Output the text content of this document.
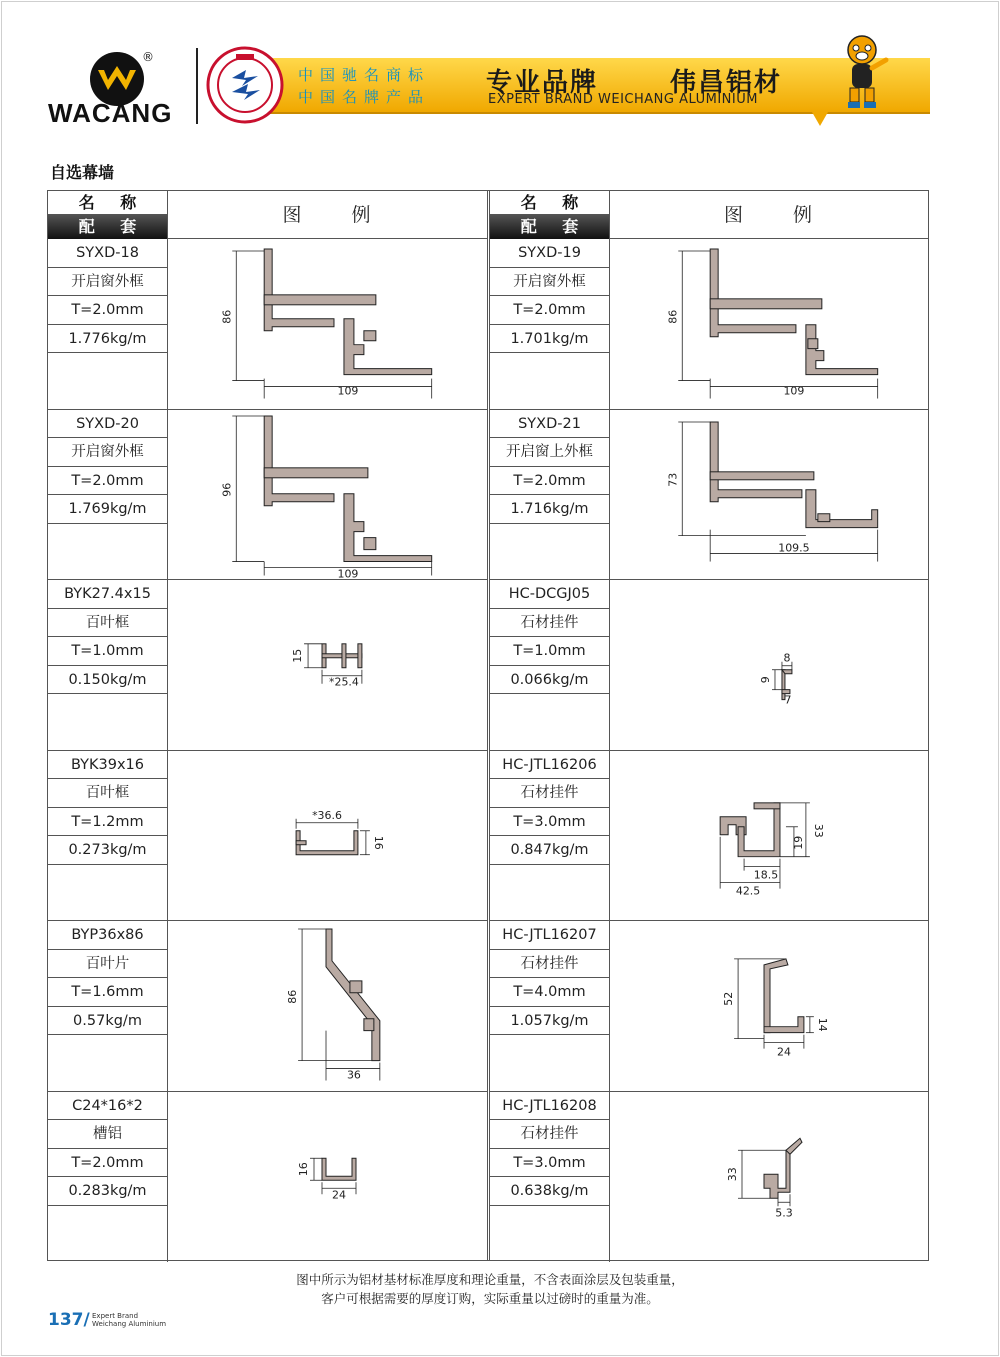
®
WACANG
中国驰名商标
中国名牌产品	专业品牌	伟昌铝材
EXPERT BRAND WEICHANG ALUMINIUM
自选幕墙
名 称
配 套
图 例
SYXD-18
开启窗外框
T=2.0mm
1.776kg/m
86
109
SYXD-20
开启窗外框
T=2.0mm
1.769kg/m
96
109
BYK27.4x15
百叶框
T=1.0mm
0.150kg/m
15
*25.4
BYK39x16
百叶框
T=1.2mm
0.273kg/m
*36.6
16
BYP36x86
百叶片
T=1.6mm
0.57kg/m
86
36
C24*16*2
槽铝
T=2.0mm
0.283kg/m
16
24
名 称
配 套
图 例
SYXD-19
开启窗外框
T=2.0mm
1.701kg/m
86
109
SYXD-21
开启窗上外框
T=2.0mm
1.716kg/m
73
109.5
HC-DCGJ05
石材挂件
T=1.0mm
0.066kg/m
8
9
7
HC-JTL16206
石材挂件
T=3.0mm
0.847kg/m	19
33
18.5
42.5
HC-JTL16207
石材挂件
T=4.0mm
1.057kg/m
52
14
24
HC-JTL16208
石材挂件
T=3.0mm
0.638kg/m
33
5.3
图中所示为铝材基材标准厚度和理论重量，不含表面涂层及包装重量，
客户可根据需要的厚度订购，实际重量以过磅时的重量为准。
137/ Expert Brand
Weichang Aluminium
